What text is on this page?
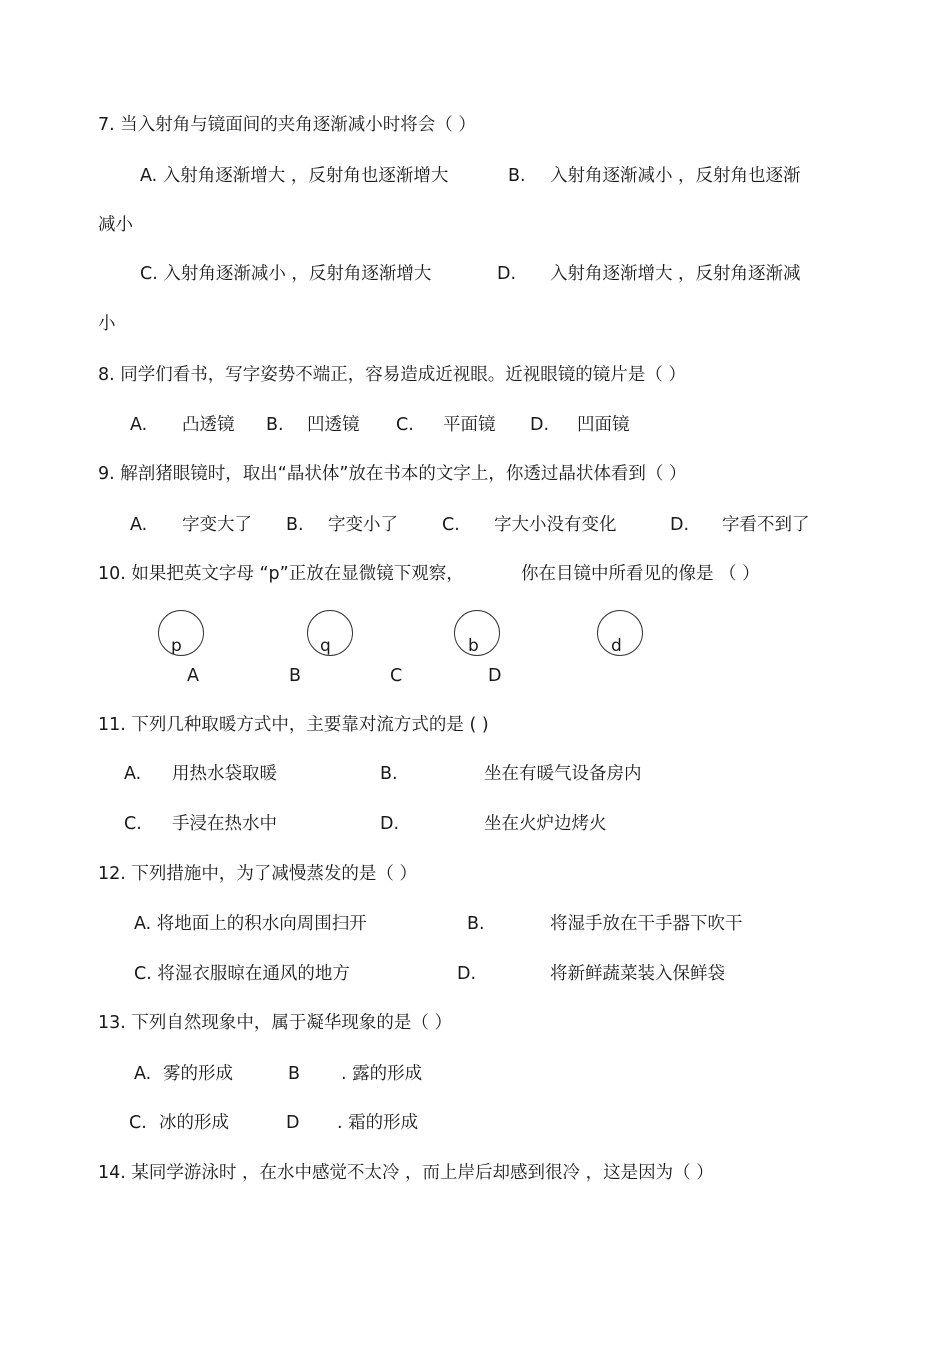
7. 当入射角与镜面间的夹角逐渐减小时将会（ ）
A. 入射角逐渐增大 ，反射角也逐渐增大	B. 入射角逐渐减小 ，反射角也逐渐
减小
C. 入射角逐渐减小 ，反射角逐渐增大	D. 入射角逐渐增大 ，反射角逐渐减
小
8. 同学们看书，写字姿势不端正，容易造成近视眼。近视眼镜的镜片是（ ）
A. 凸透镜 B. 凹透镜 C. 平面镜 D. 凹面镜
9. 解剖猪眼镜时，取出“晶状体”放在书本的文字上，你透过晶状体看到（ ）
A. 字变大了 B. 字变小了	C. 字大小没有变化	D. 字看不到了
10. 如果把英文字母 “p”正放在显微镜下观察，	你在目镜中所看见的像是 （ ）
p	q	b	d
A	B	C	D
11. 下列几种取暖方式中，主要靠对流方式的是 ( )
A. 用热水袋取暖	B.	坐在有暖气设备房内
C. 手浸在热水中	D.	坐在火炉边烤火
12. 下列措施中，为了减慢蒸发的是（ ）
A. 将地面上的积水向周围扫开	B.	将湿手放在干手器下吹干
C. 将湿衣服晾在通风的地方	D.	将新鲜蔬菜装入保鲜袋
13. 下列自然现象中，属于凝华现象的是（ ）
A. 雾的形成	B . 露的形成
C. 冰的形成	D . 霜的形成
14. 某同学游泳时 ，在水中感觉不太冷 ，而上岸后却感到很冷 ，这是因为（ ）
